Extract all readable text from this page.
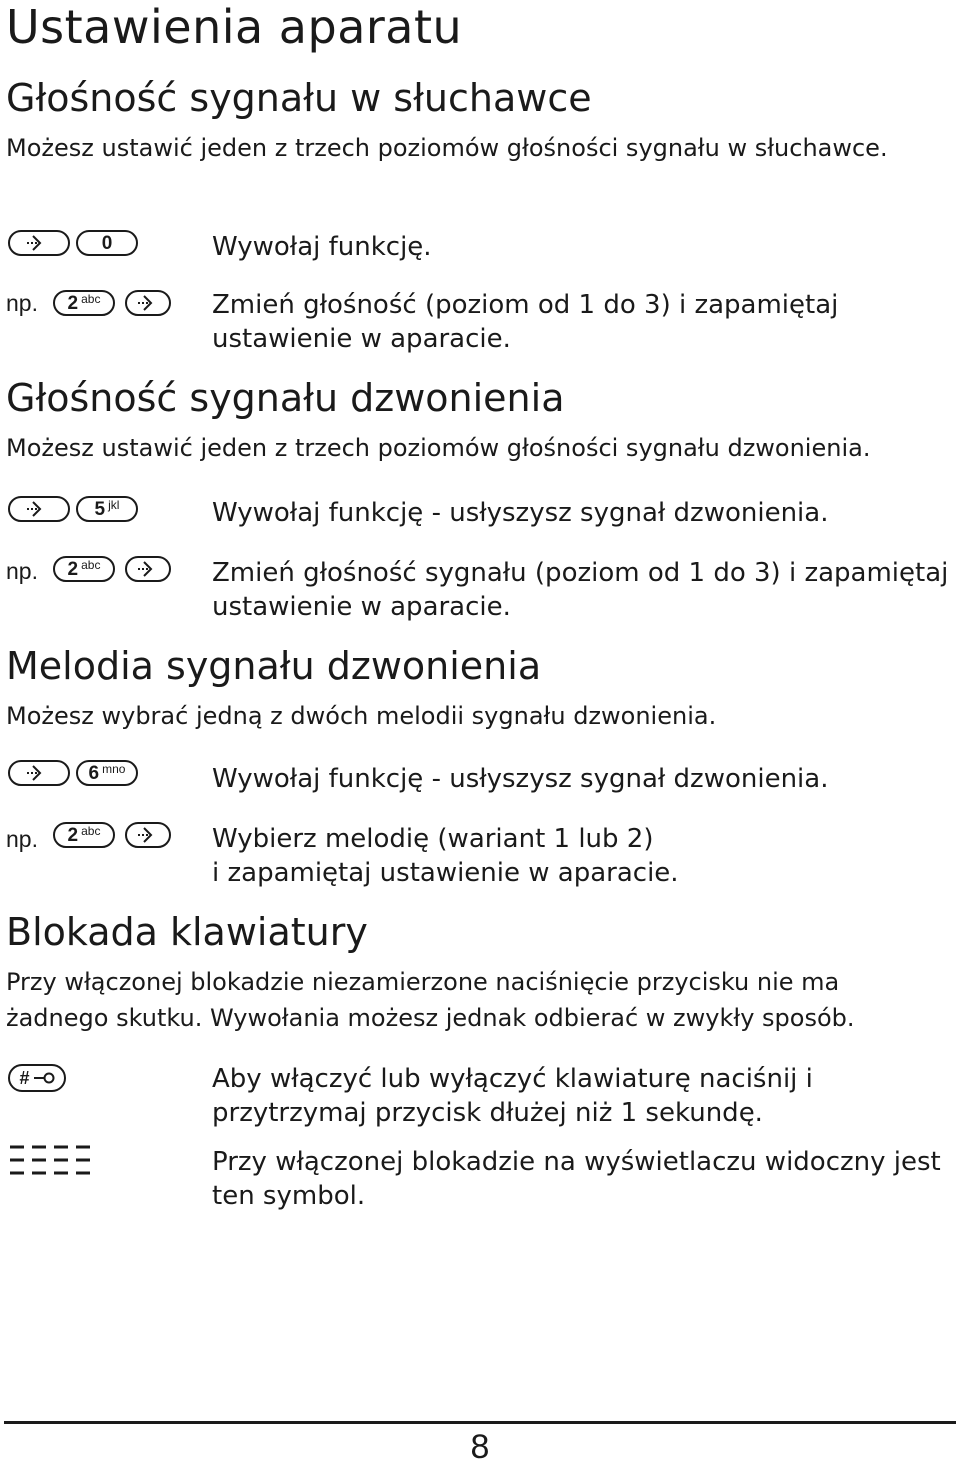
Ustawienia aparatu
Głośność sygnału w słuchawce
Możesz ustawić jeden z trzech poziomów głośności sygnału w słuchawce.
0	Wywołaj funkcję.
np. 2 abc	Zmień głośność (poziom od 1 do 3) i zapamiętaj ustawienie w aparacie.
Głośność sygnału dzwonienia
Możesz ustawić jeden z trzech poziomów głośności sygnału dzwonienia.
5 jkl	Wywołaj funkcję - usłyszysz sygnał dzwonienia.
np. 2 abc	Zmień głośność sygnału (poziom od 1 do 3) i zapamiętaj ustawienie w aparacie.
Melodia sygnału dzwonienia
Możesz wybrać jedną z dwóch melodii sygnału dzwonienia.
6 mno	Wywołaj funkcję - usłyszysz sygnał dzwonienia.
np. 2 abc	Wybierz melodię (wariant 1 lub 2)
i zapamiętaj ustawienie w aparacie.
Blokada klawiatury
Przy włączonej blokadzie niezamierzone naciśnięcie przycisku nie ma żadnego skutku. Wywołania możesz jednak odbierać w zwykły sposób.
#	Aby włączyć lub wyłączyć klawiaturę naciśnij i przytrzymaj przycisk dłużej niż 1 sekundę.
Przy włączonej blokadzie na wyświetlaczu widoczny jest ten symbol.
8
